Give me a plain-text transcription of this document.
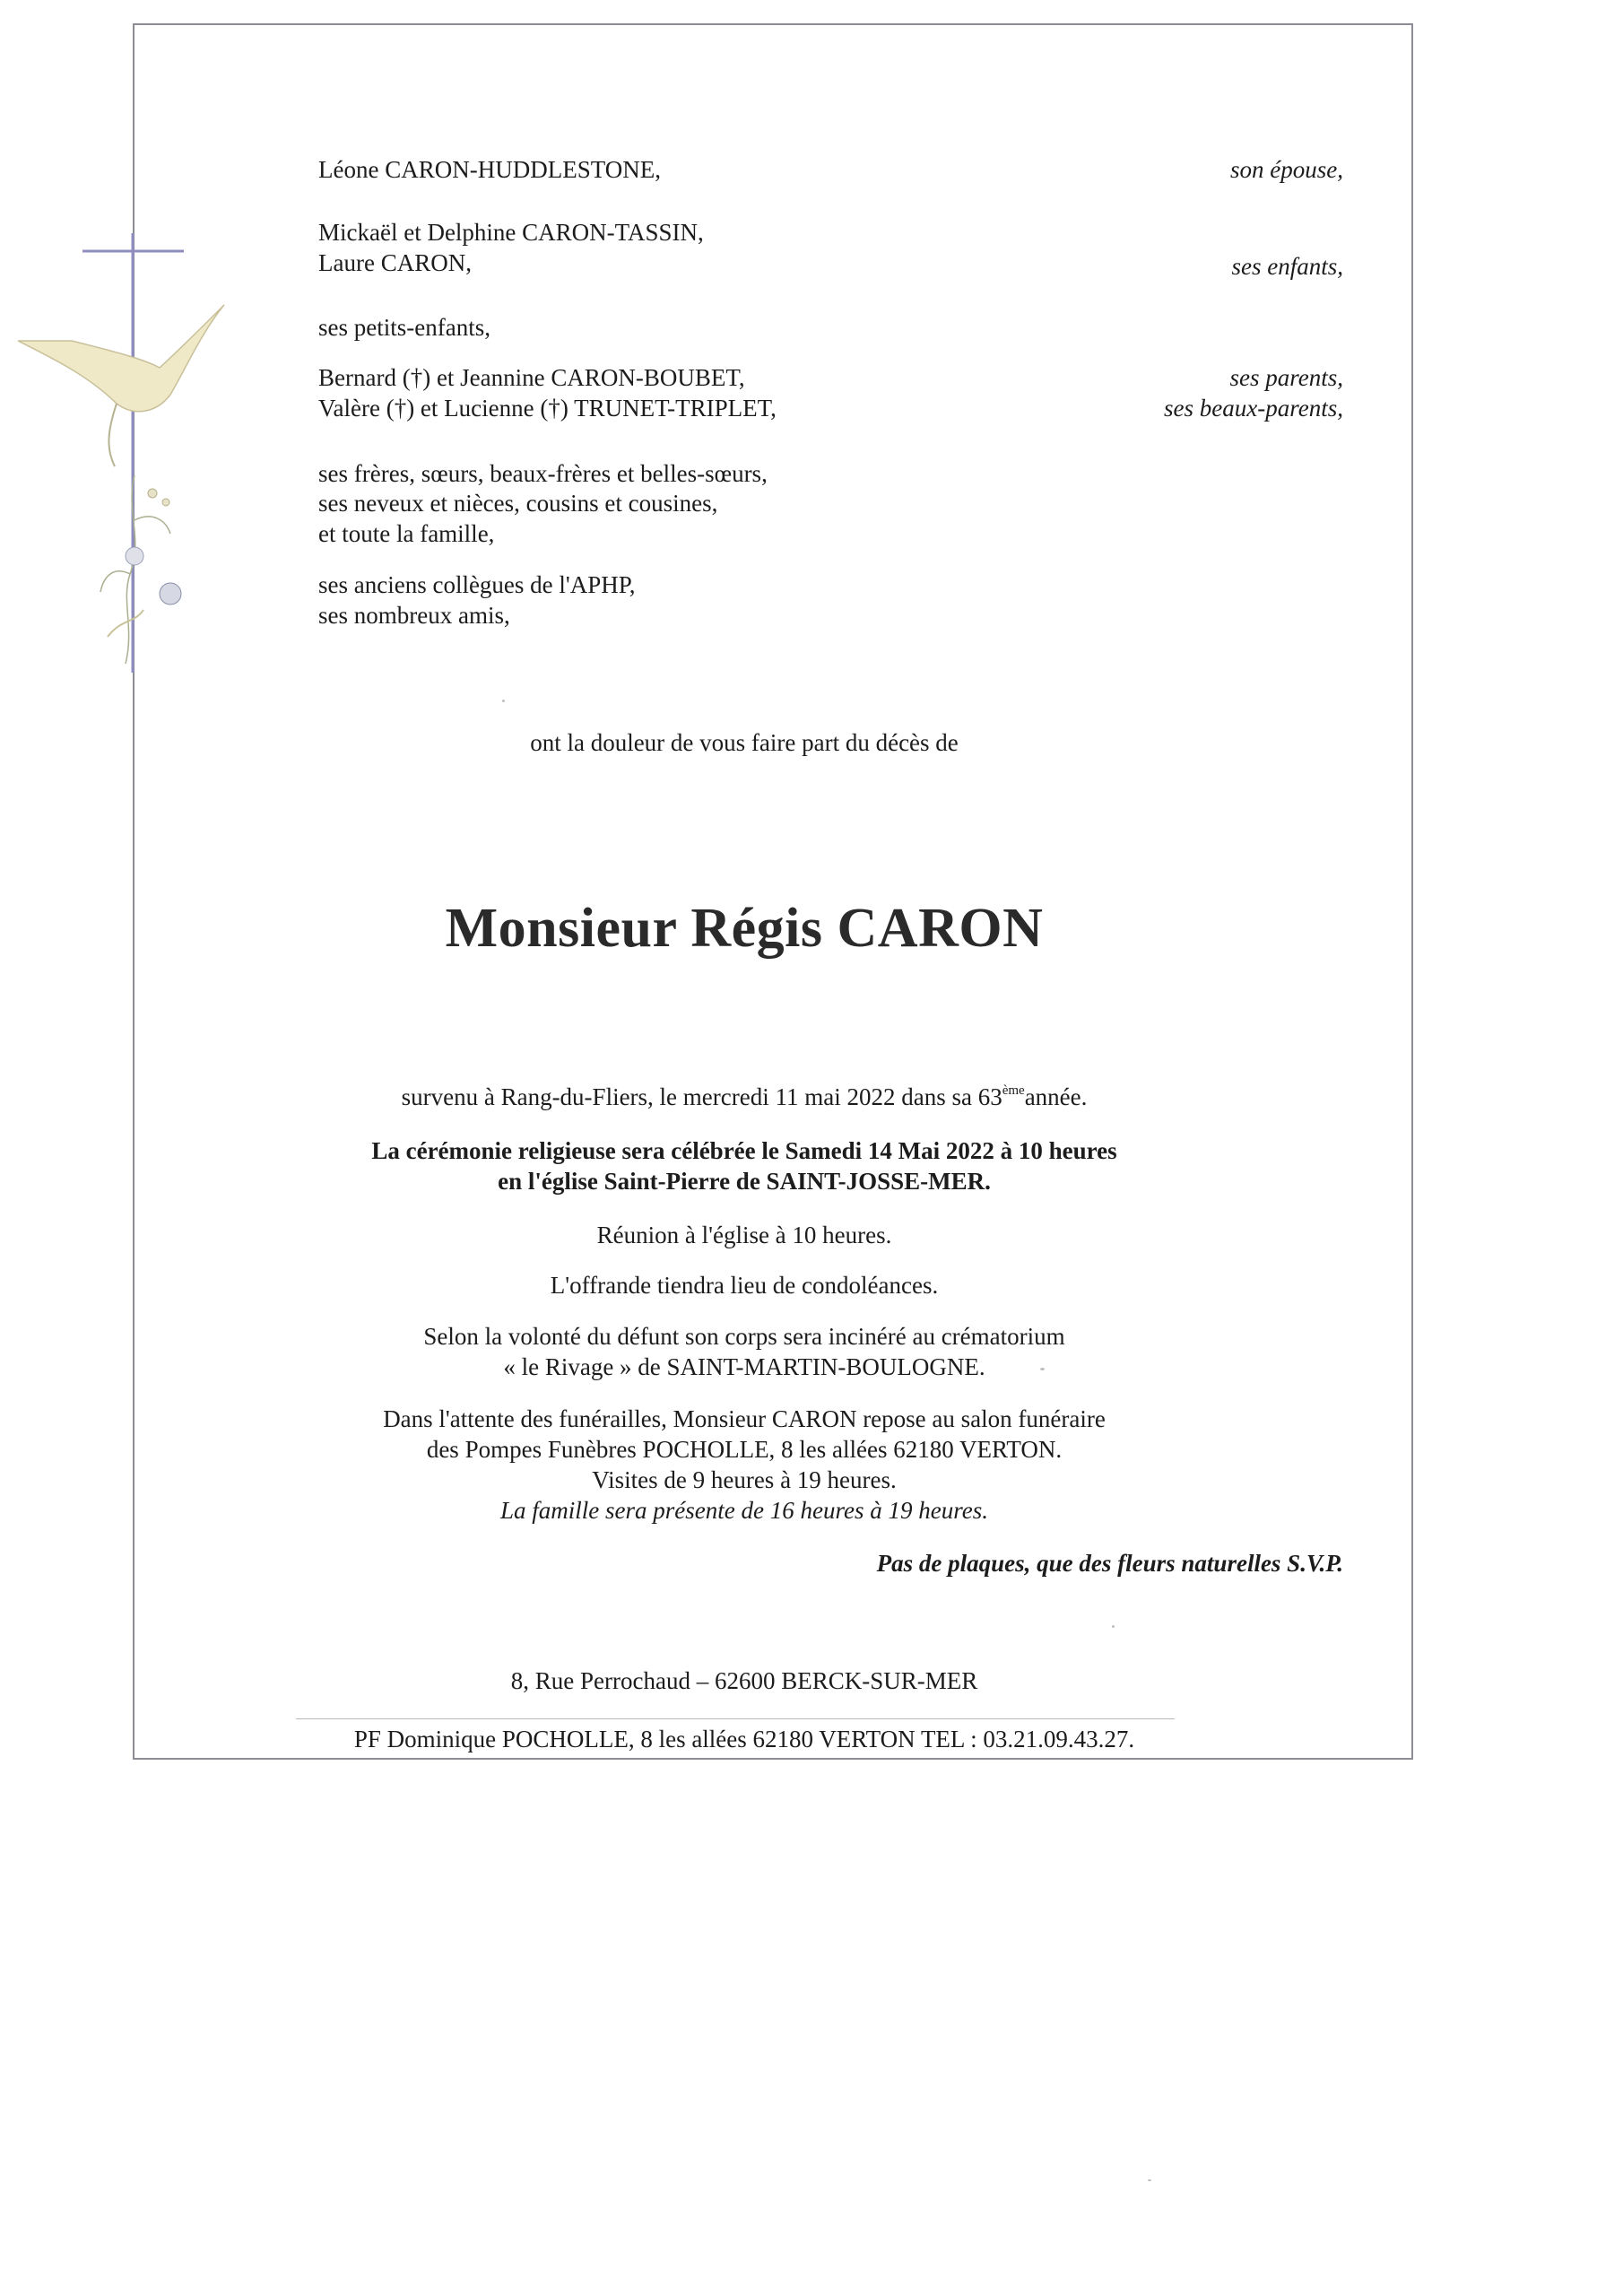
Léone CARON-HUDDLESTONE,	son épouse,
Mickaël et Delphine CARON-TASSIN,
Laure CARON,	ses enfants,
ses petits-enfants,
Bernard (†) et Jeannine CARON-BOUBET,	ses parents,
Valère (†) et Lucienne (†) TRUNET-TRIPLET,	ses beaux-parents,
ses frères, sœurs, beaux-frères et belles-sœurs,
ses neveux et nièces, cousins et cousines,
et toute la famille,
ses anciens collègues de l'APHP,
ses nombreux amis,
ont la douleur de vous faire part du décès de
Monsieur Régis CARON
survenu à Rang-du-Fliers, le mercredi 11 mai 2022 dans sa 63èmeannée.
La cérémonie religieuse sera célébrée le Samedi 14 Mai 2022 à 10 heures
en l'église Saint-Pierre de SAINT-JOSSE-MER.
Réunion à l'église à 10 heures.
L'offrande tiendra lieu de condoléances.
Selon la volonté du défunt son corps sera incinéré au crématorium
« le Rivage » de SAINT-MARTIN-BOULOGNE.
Dans l'attente des funérailles, Monsieur CARON repose au salon funéraire
des Pompes Funèbres POCHOLLE, 8 les allées 62180 VERTON.
Visites de 9 heures à 19 heures.
La famille sera présente de 16 heures à 19 heures.
Pas de plaques, que des fleurs naturelles S.V.P.
8, Rue Perrochaud – 62600 BERCK-SUR-MER
PF Dominique POCHOLLE, 8 les allées 62180 VERTON TEL : 03.21.09.43.27.
